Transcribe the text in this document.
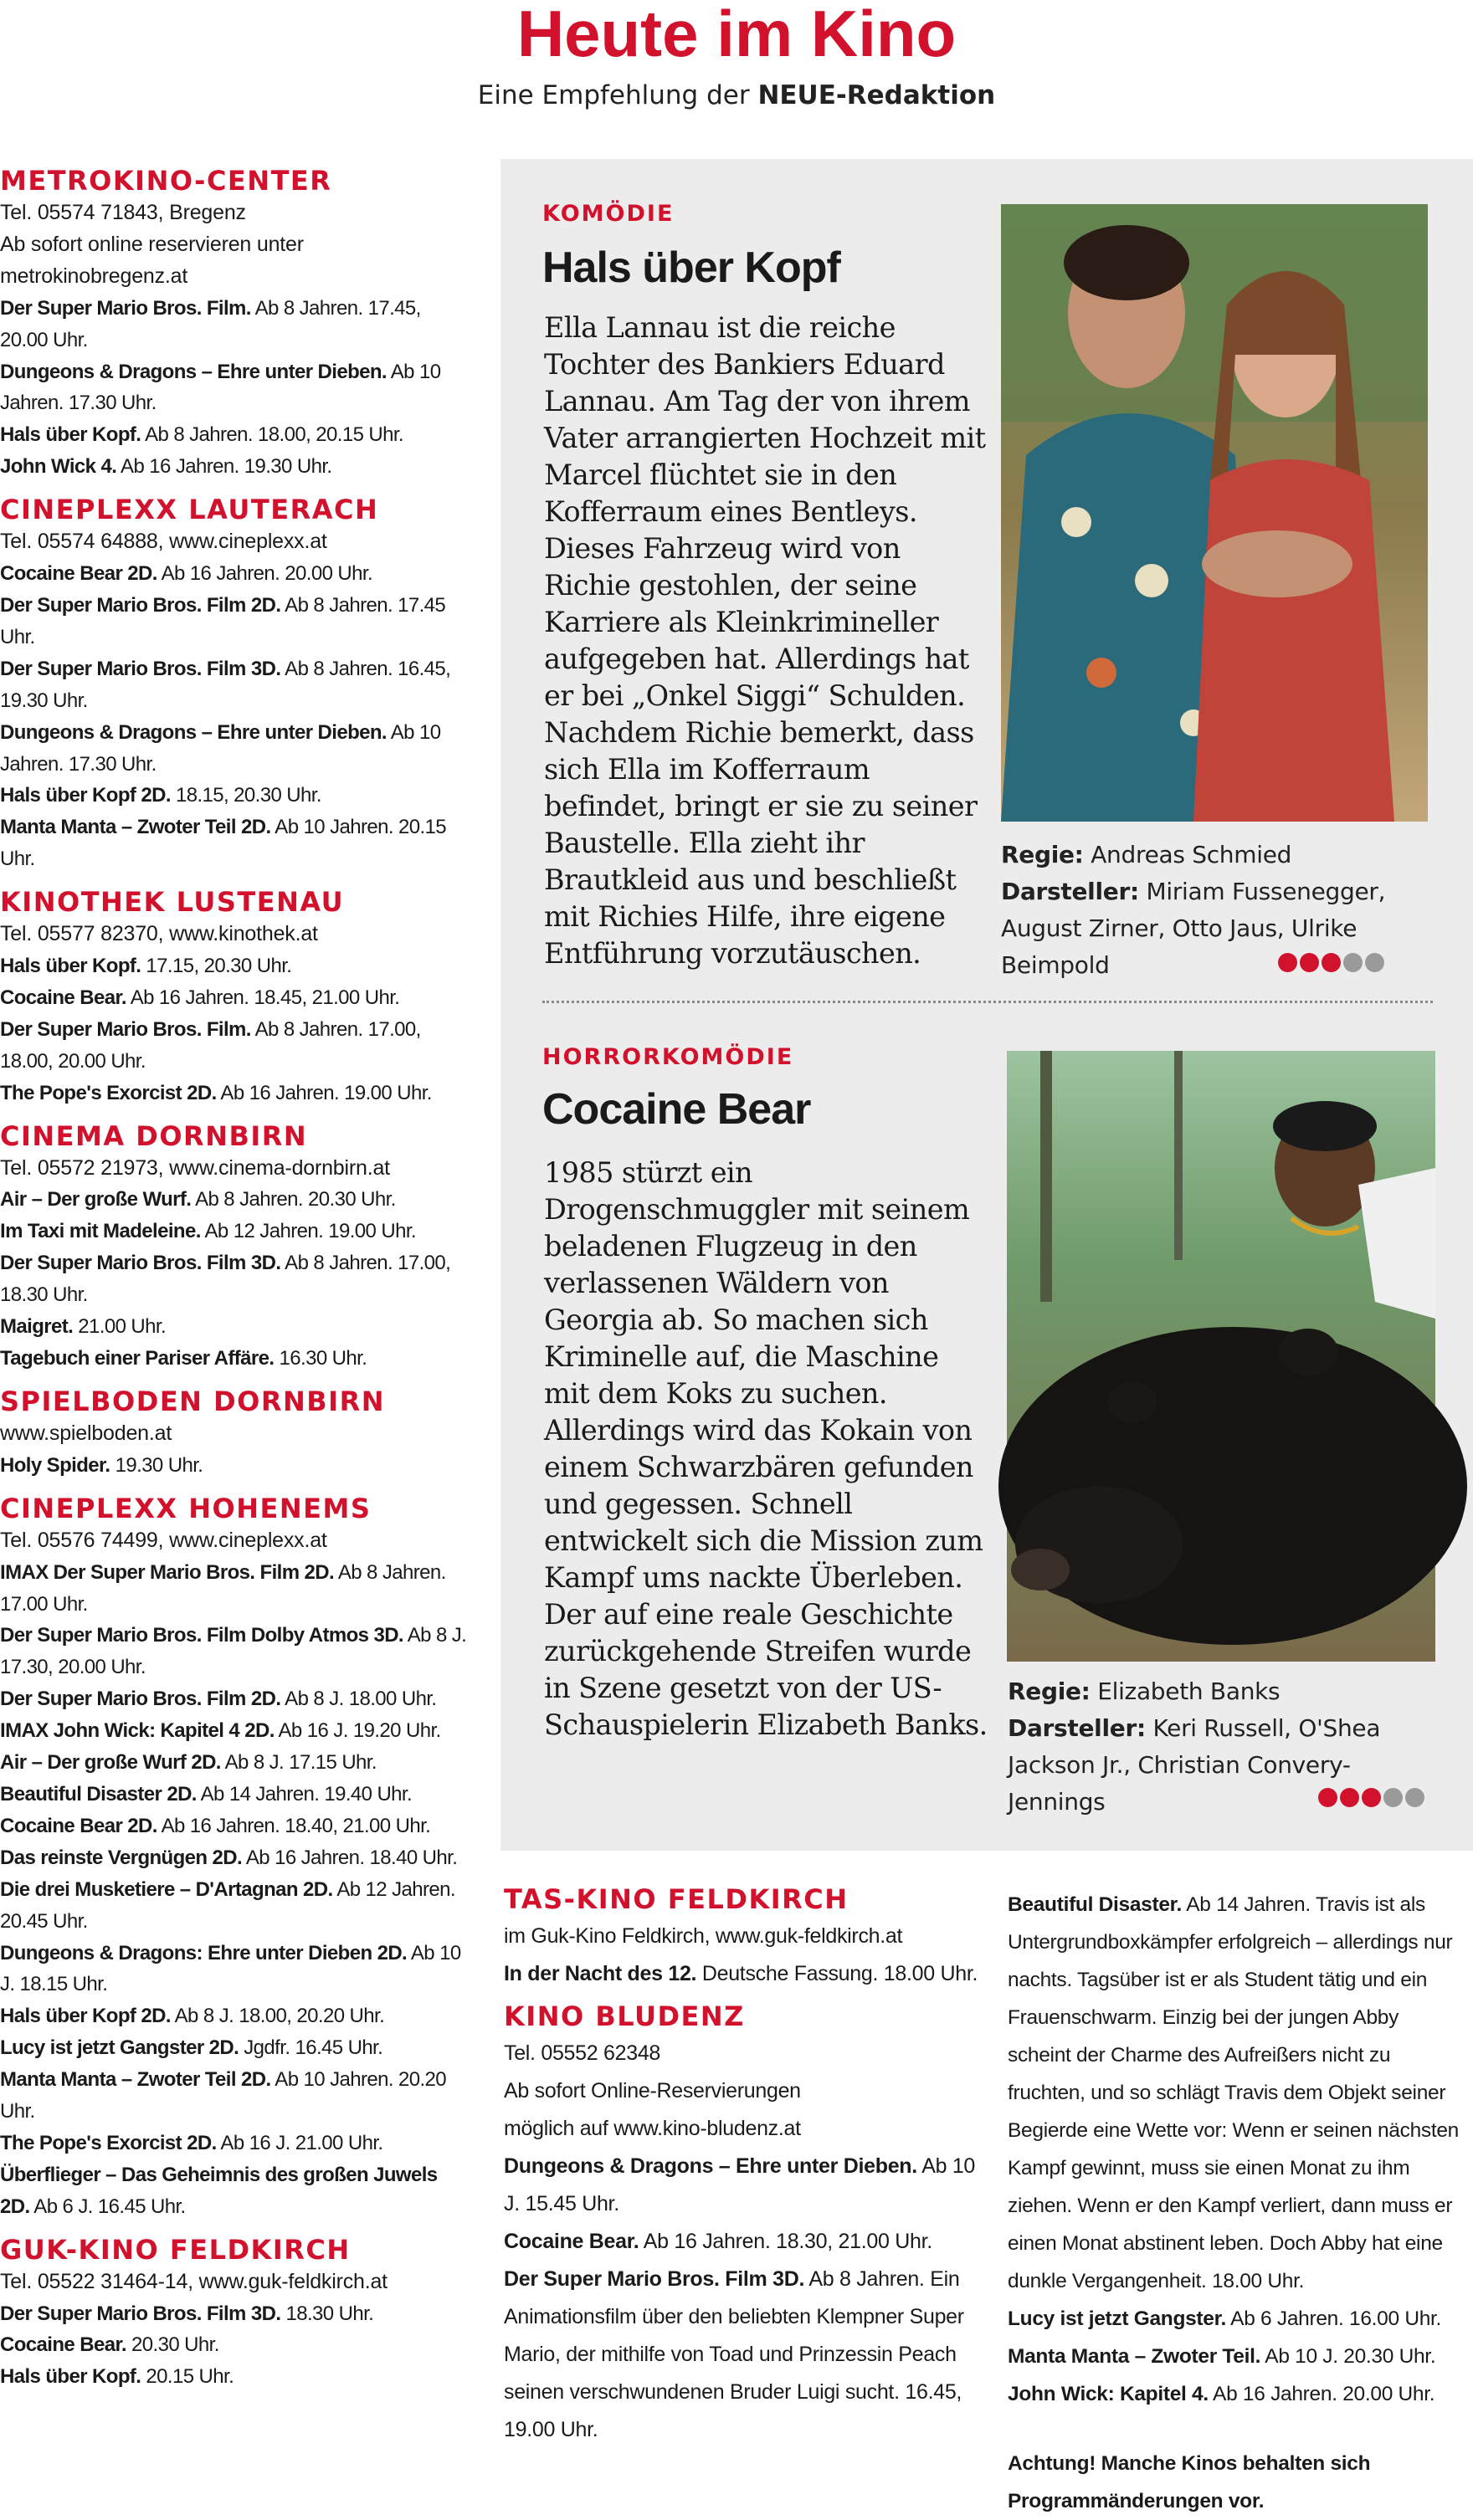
Heute im Kino
Eine Empfehlung der NEUE-Redaktion
METROKINO-CENTER
Tel. 05574 71843, Bregenz
Ab sofort online reservieren unter
metrokinobregenz.at
Der Super Mario Bros. Film. Ab 8 Jahren. 17.45, 20.00 Uhr.
Dungeons & Dragons – Ehre unter Dieben. Ab 10 Jahren. 17.30 Uhr.
Hals über Kopf. Ab 8 Jahren. 18.00, 20.15 Uhr.
John Wick 4. Ab 16 Jahren. 19.30 Uhr.
CINEPLEXX LAUTERACH
Tel. 05574 64888, www.cineplexx.at
Cocaine Bear 2D. Ab 16 Jahren. 20.00 Uhr.
Der Super Mario Bros. Film 2D. Ab 8 Jahren. 17.45 Uhr.
Der Super Mario Bros. Film 3D. Ab 8 Jahren. 16.45, 19.30 Uhr.
Dungeons & Dragons – Ehre unter Dieben. Ab 10 Jahren. 17.30 Uhr.
Hals über Kopf 2D. 18.15, 20.30 Uhr.
Manta Manta – Zwoter Teil 2D. Ab 10 Jahren. 20.15 Uhr.
KINOTHEK LUSTENAU
Tel. 05577 82370, www.kinothek.at
Hals über Kopf. 17.15, 20.30 Uhr.
Cocaine Bear. Ab 16 Jahren. 18.45, 21.00 Uhr.
Der Super Mario Bros. Film. Ab 8 Jahren. 17.00, 18.00, 20.00 Uhr.
The Pope's Exorcist 2D. Ab 16 Jahren. 19.00 Uhr.
CINEMA DORNBIRN
Tel. 05572 21973, www.cinema-dornbirn.at
Air – Der große Wurf. Ab 8 Jahren. 20.30 Uhr.
Im Taxi mit Madeleine. Ab 12 Jahren. 19.00 Uhr.
Der Super Mario Bros. Film 3D. Ab 8 Jahren. 17.00, 18.30 Uhr.
Maigret. 21.00 Uhr.
Tagebuch einer Pariser Affäre. 16.30 Uhr.
SPIELBODEN DORNBIRN
www.spielboden.at
Holy Spider. 19.30 Uhr.
CINEPLEXX HOHENEMS
Tel. 05576 74499, www.cineplexx.at
IMAX Der Super Mario Bros. Film 2D. Ab 8 Jahren. 17.00 Uhr.
Der Super Mario Bros. Film Dolby Atmos 3D. Ab 8 J. 17.30, 20.00 Uhr.
Der Super Mario Bros. Film 2D. Ab 8 J. 18.00 Uhr.
IMAX John Wick: Kapitel 4 2D. Ab 16 J. 19.20 Uhr.
Air – Der große Wurf 2D. Ab 8 J. 17.15 Uhr.
Beautiful Disaster 2D. Ab 14 Jahren. 19.40 Uhr.
Cocaine Bear 2D. Ab 16 Jahren. 18.40, 21.00 Uhr.
Das reinste Vergnügen 2D. Ab 16 Jahren. 18.40 Uhr.
Die drei Musketiere – D'Artagnan 2D. Ab 12 Jahren. 20.45 Uhr.
Dungeons & Dragons: Ehre unter Dieben 2D. Ab 10 J. 18.15 Uhr.
Hals über Kopf 2D. Ab 8 J. 18.00, 20.20 Uhr.
Lucy ist jetzt Gangster 2D. Jgdfr. 16.45 Uhr.
Manta Manta – Zwoter Teil 2D. Ab 10 Jahren. 20.20 Uhr.
The Pope's Exorcist 2D. Ab 16 J. 21.00 Uhr.
Überflieger – Das Geheimnis des großen Juwels 2D. Ab 6 J. 16.45 Uhr.
GUK-KINO FELDKIRCH
Tel. 05522 31464-14, www.guk-feldkirch.at
Der Super Mario Bros. Film 3D. 18.30 Uhr.
Cocaine Bear. 20.30 Uhr.
Hals über Kopf. 20.15 Uhr.
KOMÖDIE
Hals über Kopf
Ella Lannau ist die reiche Tochter des Bankiers Eduard Lannau. Am Tag der von ihrem Vater arrangierten Hochzeit mit Marcel flüchtet sie in den Kofferraum eines Bentleys. Dieses Fahrzeug wird von Richie gestohlen, der seine Karriere als Kleinkrimineller aufgegeben hat. Allerdings hat er bei „Onkel Siggi“ Schulden. Nachdem Richie bemerkt, dass sich Ella im Kofferraum befindet, bringt er sie zu seiner Baustelle. Ella zieht ihr Brautkleid aus und beschließt mit Richies Hilfe, ihre eigene Entführung vorzutäuschen.
Regie: Andreas Schmied
Darsteller: Miriam Fussenegger, August Zirner, Otto Jaus, Ulrike Beimpold
HORRORKOMÖDIE
Cocaine Bear
1985 stürzt ein Drogenschmuggler mit seinem beladenen Flugzeug in den verlassenen Wäldern von Georgia ab. So machen sich Kriminelle auf, die Maschine mit dem Koks zu suchen. Allerdings wird das Kokain von einem Schwarzbären gefunden und gegessen. Schnell entwickelt sich die Mission zum Kampf ums nackte Überleben. Der auf eine reale Geschichte zurückgehende Streifen wurde in Szene gesetzt von der US-Schauspielerin Elizabeth Banks.
Regie: Elizabeth Banks
Darsteller: Keri Russell, O'Shea Jackson Jr., Christian Convery-Jennings
TAS-KINO FELDKIRCH
im Guk-Kino Feldkirch, www.guk-feldkirch.at
In der Nacht des 12. Deutsche Fassung. 18.00 Uhr.
KINO BLUDENZ
Tel. 05552 62348
Ab sofort Online-Reservierungen
möglich auf www.kino-bludenz.at
Dungeons & Dragons – Ehre unter Dieben. Ab 10 J. 15.45 Uhr.
Cocaine Bear. Ab 16 Jahren. 18.30, 21.00 Uhr.
Der Super Mario Bros. Film 3D. Ab 8 Jahren. Ein Animationsfilm über den beliebten Klempner Super Mario, der mithilfe von Toad und Prinzessin Peach seinen verschwundenen Bruder Luigi sucht. 16.45, 19.00 Uhr.
Beautiful Disaster. Ab 14 Jahren. Travis ist als Untergrundboxkämpfer erfolgreich – allerdings nur nachts. Tagsüber ist er als Student tätig und ein Frauenschwarm. Einzig bei der jungen Abby scheint der Charme des Aufreißers nicht zu fruchten, und so schlägt Travis dem Objekt seiner Begierde eine Wette vor: Wenn er seinen nächsten Kampf gewinnt, muss sie einen Monat zu ihm ziehen. Wenn er den Kampf verliert, dann muss er einen Monat abstinent leben. Doch Abby hat eine dunkle Vergangenheit. 18.00 Uhr.
Lucy ist jetzt Gangster. Ab 6 Jahren. 16.00 Uhr.
Manta Manta – Zwoter Teil. Ab 10 J. 20.30 Uhr.
John Wick: Kapitel 4. Ab 16 Jahren. 20.00 Uhr.
Achtung! Manche Kinos behalten sich Programmänderungen vor.
